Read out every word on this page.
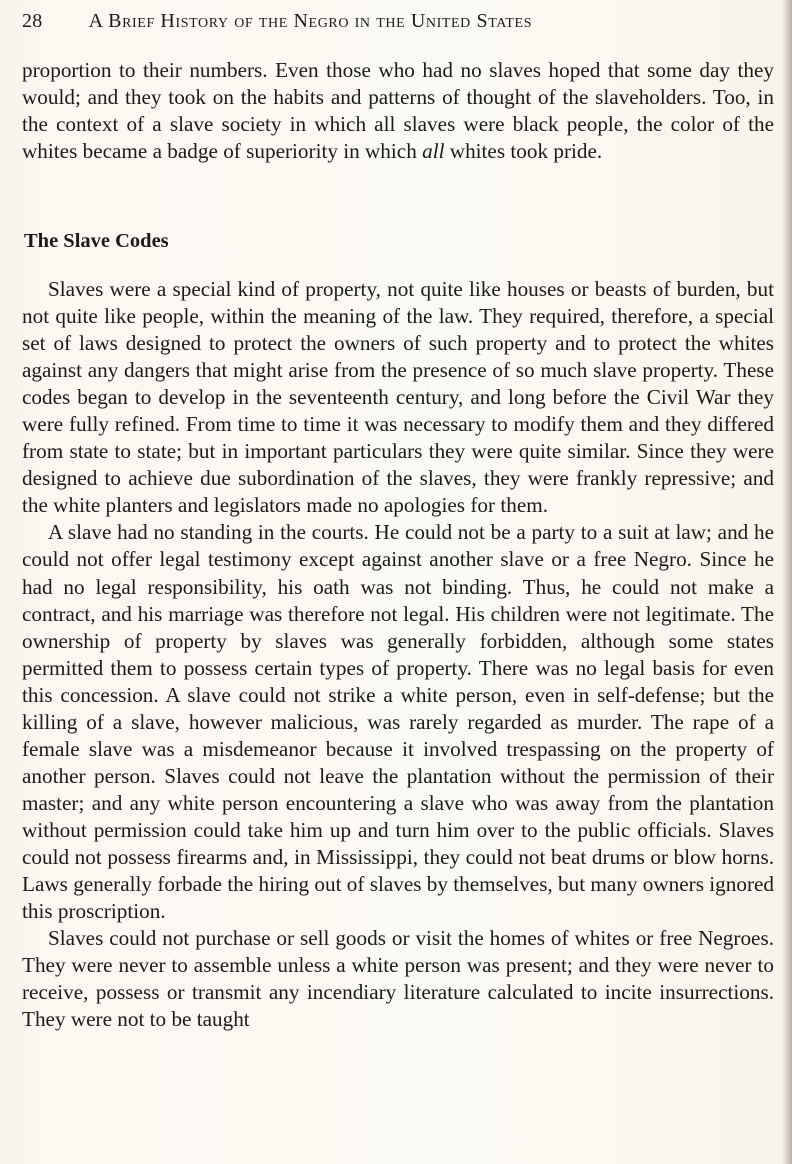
28 A Brief History of the Negro in the United States

proportion to their numbers. Even those who had no slaves hoped that some day they would; and they took on the habits and patterns of thought of the slaveholders. Too, in the context of a slave society in which all slaves were black people, the color of the whites became a badge of superiority in which all whites took pride.

The Slave Codes

Slaves were a special kind of property, not quite like houses or beasts of burden, but not quite like people, within the meaning of the law. They required, therefore, a special set of laws designed to protect the owners of such property and to protect the whites against any dangers that might arise from the presence of so much slave property. These codes began to develop in the seventeenth century, and long before the Civil War they were fully refined. From time to time it was necessary to modify them and they differed from state to state; but in important particulars they were quite similar. Since they were designed to achieve due subordination of the slaves, they were frankly repressive; and the white planters and legislators made no apologies for them.

A slave had no standing in the courts. He could not be a party to a suit at law; and he could not offer legal testimony except against another slave or a free Negro. Since he had no legal responsibility, his oath was not binding. Thus, he could not make a contract, and his marriage was therefore not legal. His children were not legitimate. The ownership of property by slaves was generally forbidden, although some states permitted them to possess certain types of property. There was no legal basis for even this concession. A slave could not strike a white person, even in self-defense; but the killing of a slave, however malicious, was rarely regarded as murder. The rape of a female slave was a misdemeanor because it involved trespassing on the property of another person. Slaves could not leave the plantation without the permission of their master; and any white person encountering a slave who was away from the plantation without permission could take him up and turn him over to the public officials. Slaves could not possess firearms and, in Mississippi, they could not beat drums or blow horns. Laws generally forbade the hiring out of slaves by themselves, but many owners ignored this proscription.

Slaves could not purchase or sell goods or visit the homes of whites or free Negroes. They were never to assemble unless a white person was present; and they were never to receive, possess or transmit any incendiary literature calculated to incite insurrections. They were not to be taught
